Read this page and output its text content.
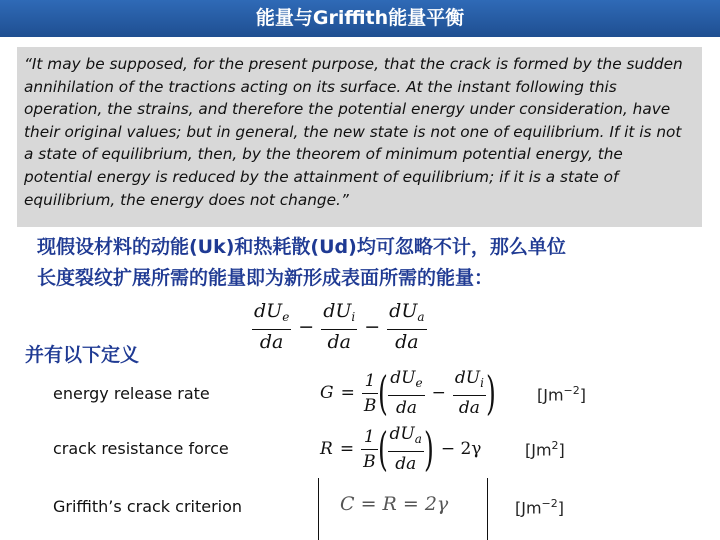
能量与Griffith能量平衡

“It may be supposed, for the present purpose, that the crack is formed by the sudden annihilation of the tractions acting on its surface. At the instant following this operation, the strains, and therefore the potential energy under consideration, have their original values; but in general, the new state is not one of equilibrium. If it is not a state of equilibrium, then, by the theorem of minimum potential energy, the potential energy is reduced by the attainment of equilibrium; if it is a state of equilibrium, the energy does not change.”

现假设材料的动能(Uk)和热耗散(Ud)均可忽略不计，那么单位
长度裂纹扩展所需的能量即为新形成表面所需的能量：
$\frac{dU_e}{da} - \frac{dU_i}{da} - \frac{dU_a}{da}$
并有以下定义
energy release rate	$G = \frac{1}{B}$ ( $\frac{dU_e}{da} - \frac{dU_i}{da}$ )	$[Jm^{-2}]$
crack resistance force	$R = \frac{1}{B}$ ( $\frac{dU_a}{da}$ ) − 2γ	[Jm$^2$]
Griffith’s crack criterion	C = R = 2γ	$[Jm^{-2}]$
